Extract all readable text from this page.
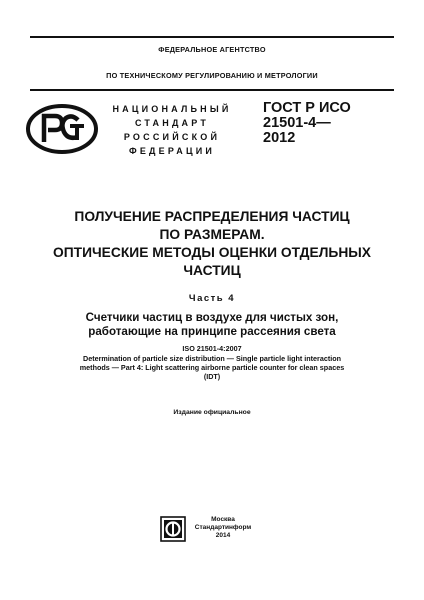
ФЕДЕРАЛЬНОЕ АГЕНТСТВО
ПО ТЕХНИЧЕСКОМУ РЕГУЛИРОВАНИЮ И МЕТРОЛОГИИ
НАЦИОНАЛЬНЫЙ
СТАНДАРТ
РОССИЙСКОЙ
ФЕДЕРАЦИИ
ГОСТ Р ИСО
21501-4—
2012
ПОЛУЧЕНИЕ РАСПРЕДЕЛЕНИЯ ЧАСТИЦ
ПО РАЗМЕРАМ.
ОПТИЧЕСКИЕ МЕТОДЫ ОЦЕНКИ ОТДЕЛЬНЫХ
ЧАСТИЦ
Часть 4
Счетчики частиц в воздухе для чистых зон,
работающие на принципе рассеяния света
ISO 21501-4:2007
Determination of particle size distribution — Single particle light interaction
methods — Part 4: Light scattering airborne particle counter for clean spaces
(IDT)
Издание официальное
Москва
Стандартинформ
2014
